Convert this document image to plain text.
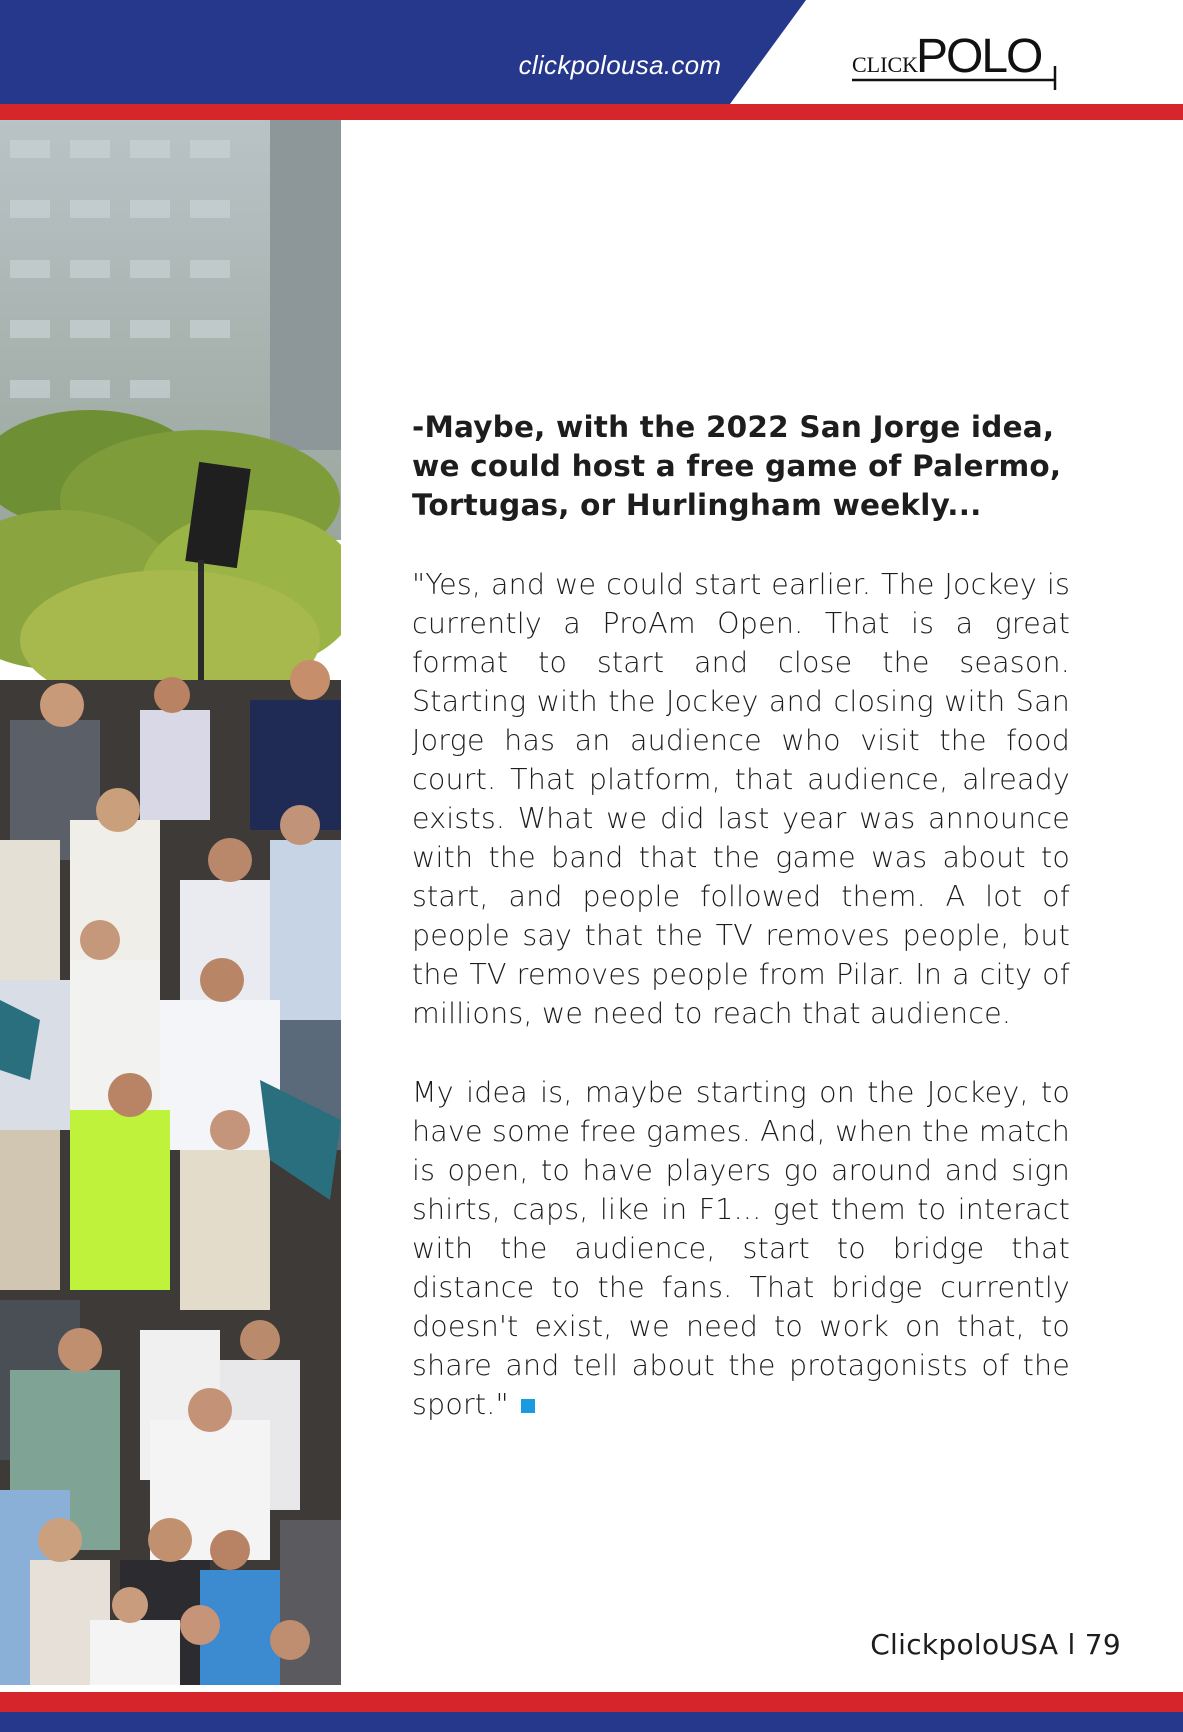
clickpolousa.com	CLICK
POLO

-Maybe, with the 2022 San Jorge idea, we could host a free game of Palermo, Tortugas, or Hurlingham weekly...

"Yes, and we could start earlier. The Jockey is currently a ProAm Open. That is a great format to start and close the season. Starting with the Jockey and closing with San Jorge has an audience who visit the food court. That platform, that audience, already exists. What we did last year was announce with the band that the game was about to start, and people followed them. A lot of people say that the TV removes people, but the TV removes people from Pilar. In a city of millions, we need to reach that audience.

My idea is, maybe starting on the Jockey, to have some free games. And, when the match is open, to have players go around and sign shirts, caps, like in F1... get them to interact with the audience, start to bridge that distance to the fans. That bridge currently doesn't exist, we need to work on that, to share and tell about the protagonists of the sport."

ClickpoloUSA l 79
